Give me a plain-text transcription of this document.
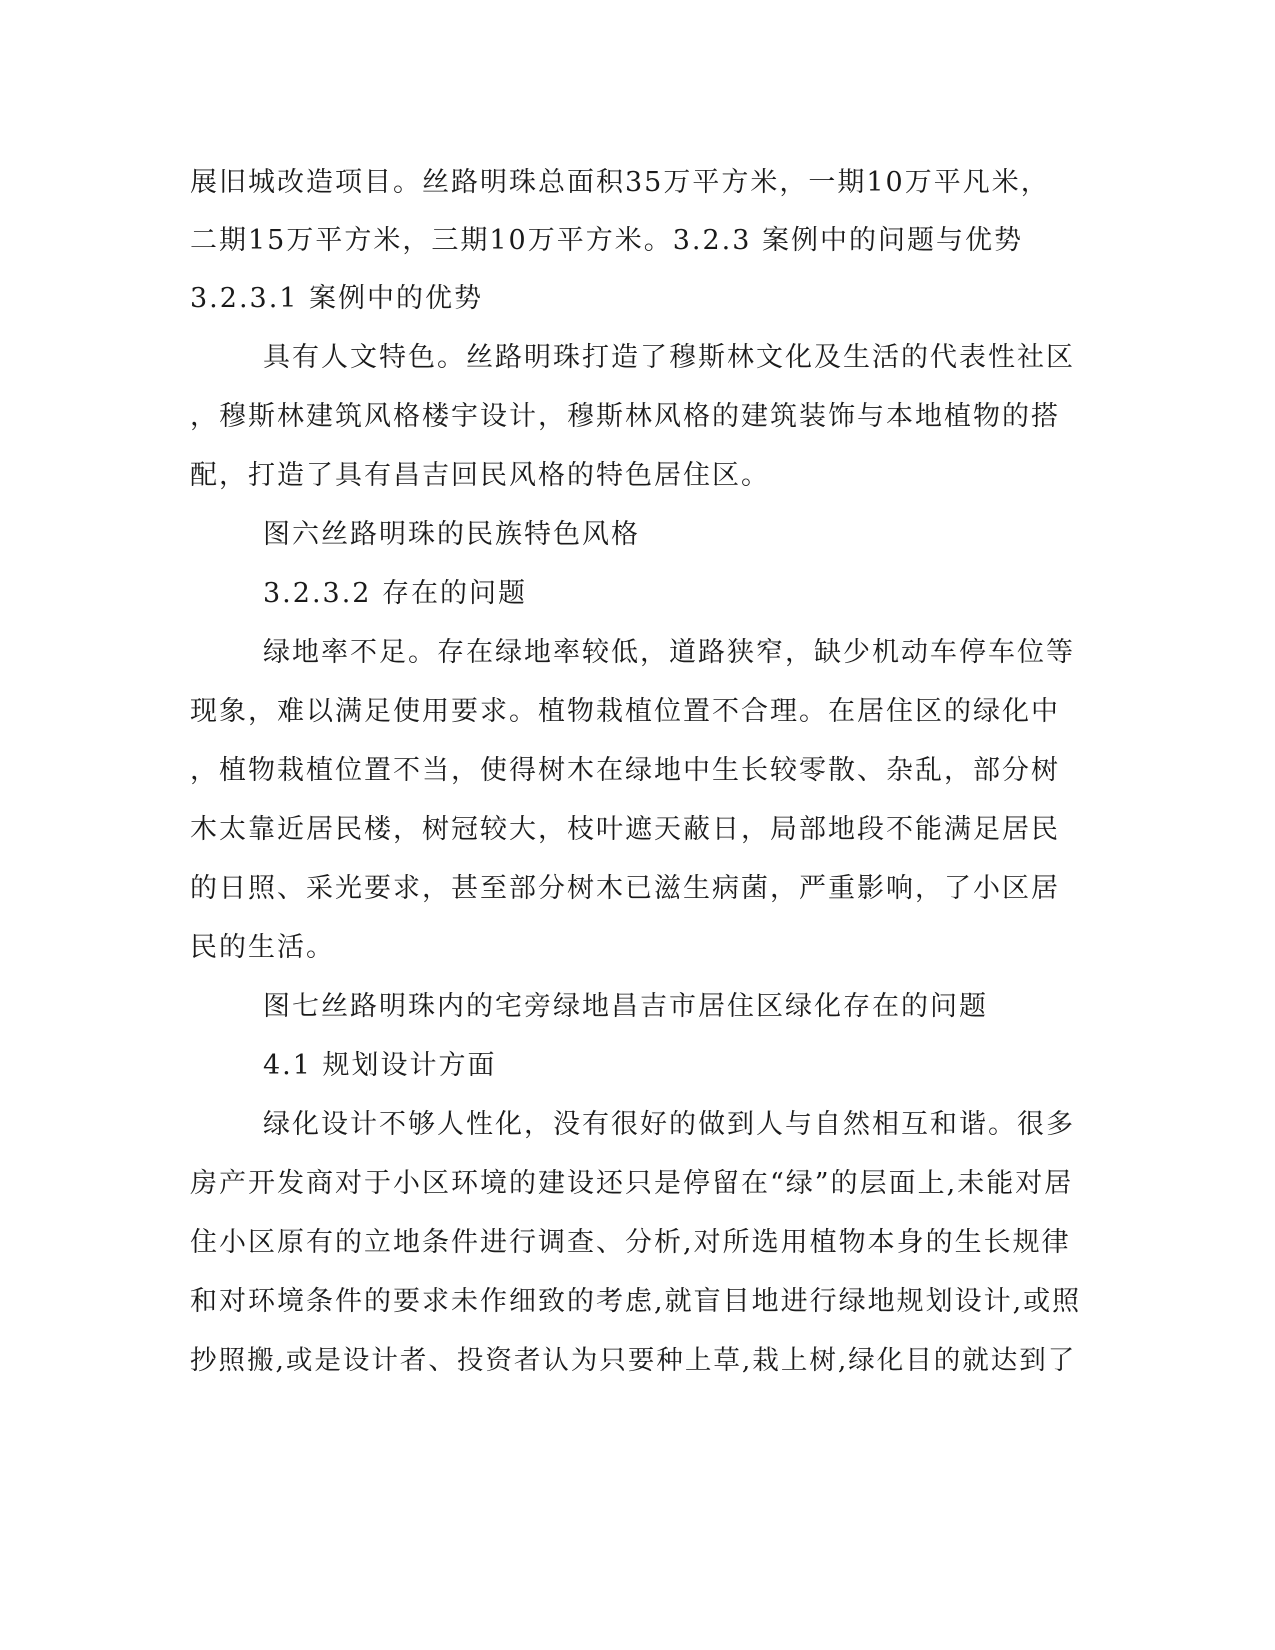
展旧城改造项目。丝路明珠总面积35万平方米，一期10万平凡米，
二期15万平方米，三期10万平方米。3.2.3 案例中的问题与优势
3.2.3.1 案例中的优势
具有人文特色。丝路明珠打造了穆斯林文化及生活的代表性社区
，穆斯林建筑风格楼宇设计，穆斯林风格的建筑装饰与本地植物的搭
配，打造了具有昌吉回民风格的特色居住区。
图六丝路明珠的民族特色风格
3.2.3.2 存在的问题
绿地率不足。存在绿地率较低，道路狭窄，缺少机动车停车位等
现象，难以满足使用要求。植物栽植位置不合理。在居住区的绿化中
，植物栽植位置不当，使得树木在绿地中生长较零散、杂乱，部分树
木太靠近居民楼，树冠较大，枝叶遮天蔽日，局部地段不能满足居民
的日照、采光要求，甚至部分树木已滋生病菌，严重影响，了小区居
民的生活。
图七丝路明珠内的宅旁绿地昌吉市居住区绿化存在的问题
4.1 规划设计方面
绿化设计不够人性化，没有很好的做到人与自然相互和谐。很多
房产开发商对于小区环境的建设还只是停留在“绿”的层面上,未能对居
住小区原有的立地条件进行调查、分析,对所选用植物本身的生长规律
和对环境条件的要求未作细致的考虑,就盲目地进行绿地规划设计,或照
抄照搬,或是设计者、投资者认为只要种上草,栽上树,绿化目的就达到了
